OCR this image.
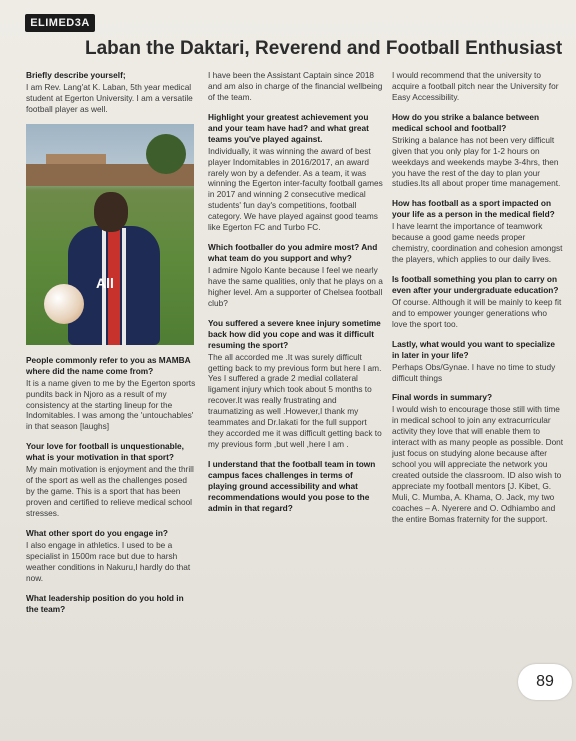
ELIMED3A
Laban the Daktari, Reverend and Football Enthusiast

Briefly describe yourself;

I am Rev. Lang'at K. Laban, 5th year medical student at Egerton University. I am a versatile football player as well.

All

People commonly refer to you as MAMBA where did the name come from?

It is a name given to me by the Egerton sports pundits back in Njoro as a result of my consistency at the starting lineup for the Indomitables. I was among the 'untouchables' in that season [laughs]

Your love for football is unquestionable, what is your motivation in that sport?

My main motivation is enjoyment and the thrill of the sport as well as the challenges posed by the game. This is a sport that has been proven and certified to relieve medical school stresses.

What other sport do you engage in?

I also engage in athletics. I used to be a specialist in 1500m race but due to harsh weather conditions in Nakuru,I hardly do that now.

What leadership position do you hold in the team?

I have been the Assistant Captain since 2018 and am also in charge of the financial wellbeing of the team.

Highlight your greatest achievement you and your team have had? and what great teams you've played against.

Individually, it was winning the award of best player Indomitables in 2016/2017, an award rarely won by a defender. As a team, it was winning the Egerton inter-faculty football games in 2017 and winning 2 consecutive medical students' fun day's competitions, football category. We have played against good teams like Egerton FC and Turbo FC.

Which footballer do you admire most? And what team do you support and why?

I admire Ngolo Kante because I feel we nearly have the same qualities, only that he plays on a higher level. Am a supporter of Chelsea football club?

You suffered a severe knee injury sometime back how did you cope and was it difficult resuming the sport?

The all accorded me .It was surely difficult getting back to my previous form but here I am. Yes I suffered a grade 2 medial collateral ligament injury which took about 5 months to recover.It was really frustrating and traumatizing as well .However,I thank my teammates and Dr.Iakati for the full support they accorded me it was difficult getting back to my previous form ,but well ,here I am .

I understand that the football team in town campus faces challenges in terms of playing ground accessibility and what recommendations would you pose to the admin in that regard?

I would recommend that the university to acquire a football pitch near the University for Easy Accessibility.

How do you strike a balance between medical school and football?

Striking a balance has not been very difficult given that you only play for 1-2 hours on weekdays and weekends maybe 3-4hrs, then you have the rest of the day to plan your studies.Its all about proper time management.

How has football as a sport impacted on your life as a person in the medical field?

I have learnt the importance of teamwork because a good game needs proper chemistry, coordination and cohesion amongst the players, which applies to our daily lives.

Is football something you plan to carry on even after your undergraduate education?

Of course. Although it will be mainly to keep fit and to empower younger generations who love the sport too.

Lastly, what would you want to specialize in later in your life?

Perhaps Obs/Gynae. I have no time to study difficult things

Final words in summary?

I would wish to encourage those still with time in medical school to join any extracurricular activity they love that will enable them to interact with as many people as possible. Dont just focus on studying alone because after school you will appreciate the network you created outside the classroom. ID also wish to appreciate my football mentors [J. Kibet, G. Muli, C. Mumba, A. Khama, O. Jack, my two coaches – A. Nyerere and O. Odhiambo and the entire Bomas fraternity for the support.

89
